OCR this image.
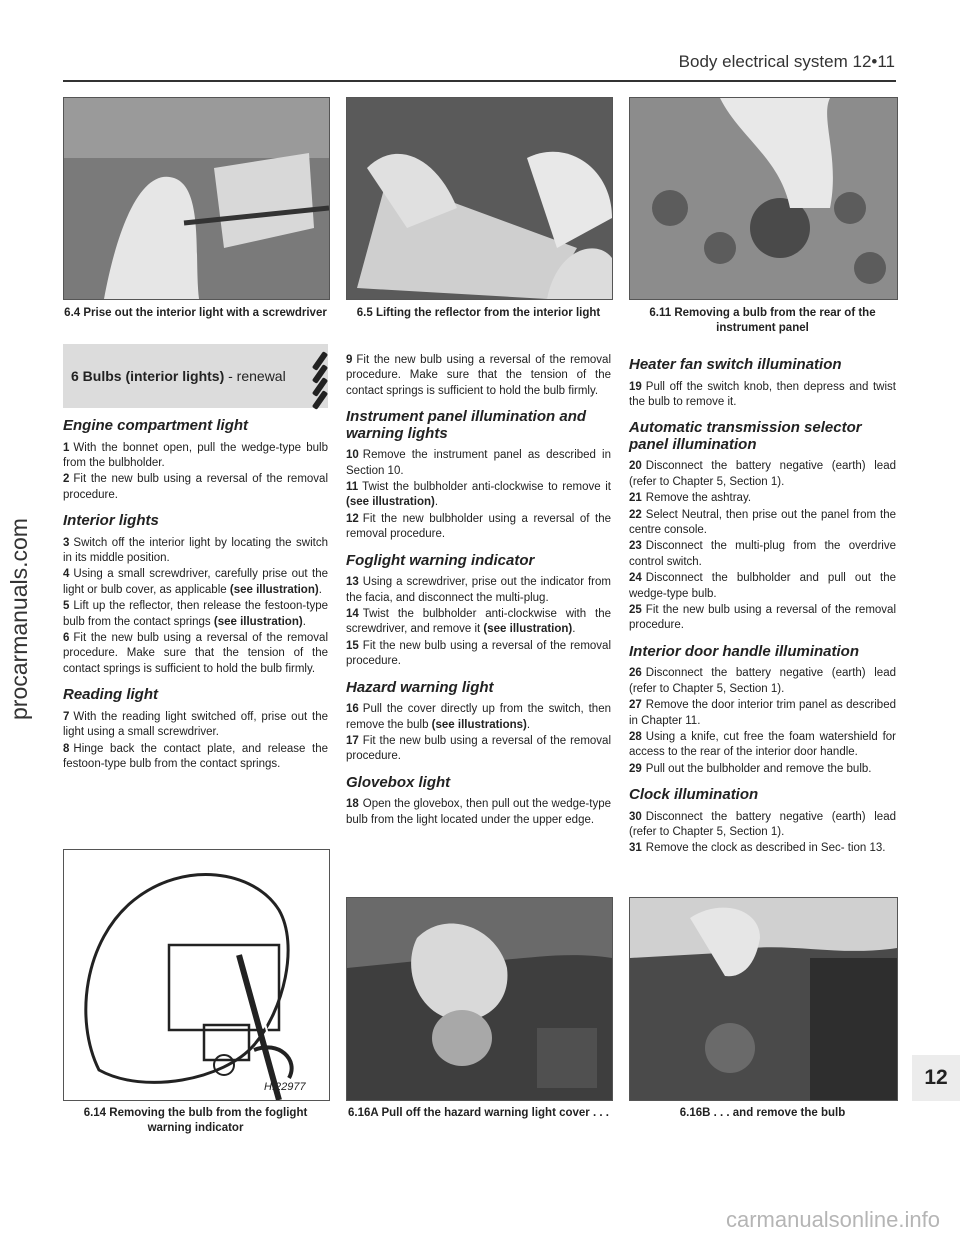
Body electrical system 12•11
6.4 Prise out the interior light with a screwdriver	6.5 Lifting the reflector from the interior light	6.11 Removing a bulb from the rear of the instrument panel
6 Bulbs (interior lights) - renewal
Engine compartment light

1 With the bonnet open, pull the wedge-type bulb from the bulbholder.

2 Fit the new bulb using a reversal of the removal procedure.

Interior lights

3 Switch off the interior light by locating the switch in its middle position.

4 Using a small screwdriver, carefully prise out the light or bulb cover, as applicable (see illustration).

5 Lift up the reflector, then release the festoon-type bulb from the contact springs (see illustration).

6 Fit the new bulb using a reversal of the removal procedure. Make sure that the tension of the contact springs is sufficient to hold the bulb firmly.

Reading light

7 With the reading light switched off, prise out the light using a small screwdriver.

8 Hinge back the contact plate, and release the festoon-type bulb from the contact springs.

9 Fit the new bulb using a reversal of the removal procedure. Make sure that the tension of the contact springs is sufficient to hold the bulb firmly.

Instrument panel illumination and warning lights

10 Remove the instrument panel as described in Section 10.

11 Twist the bulbholder anti-clockwise to remove it (see illustration).

12 Fit the new bulbholder using a reversal of the removal procedure.

Foglight warning indicator

13 Using a screwdriver, prise out the indicator from the facia, and disconnect the multi-plug.

14 Twist the bulbholder anti-clockwise with the screwdriver, and remove it (see illustration).

15 Fit the new bulb using a reversal of the removal procedure.

Hazard warning light

16 Pull the cover directly up from the switch, then remove the bulb (see illustrations).

17 Fit the new bulb using a reversal of the removal procedure.

Glovebox light

18 Open the glovebox, then pull out the wedge-type bulb from the light located under the upper edge.

Heater fan switch illumination

19 Pull off the switch knob, then depress and twist the bulb to remove it.

Automatic transmission selector panel illumination

20 Disconnect the battery negative (earth) lead (refer to Chapter 5, Section 1).

21 Remove the ashtray.

22 Select Neutral, then prise out the panel from the centre console.

23 Disconnect the multi-plug from the overdrive control switch.

24 Disconnect the bulbholder and pull out the wedge-type bulb.

25 Fit the new bulb using a reversal of the removal procedure.

Interior door handle illumination

26 Disconnect the battery negative (earth) lead (refer to Chapter 5, Section 1).

27 Remove the door interior trim panel as described in Chapter 11.

28 Using a knife, cut free the foam watershield for access to the rear of the interior door handle.

29 Pull out the bulbholder and remove the bulb.

Clock illumination

30 Disconnect the battery negative (earth) lead (refer to Chapter 5, Section 1).

31 Remove the clock as described in Sec- tion 13.

H.22977
6.14 Removing the bulb from the foglight warning indicator
6.16A Pull off the hazard warning light cover . . .	6.16B . . . and remove the bulb
12
procarmanuals.com
carmanualsonline.info
